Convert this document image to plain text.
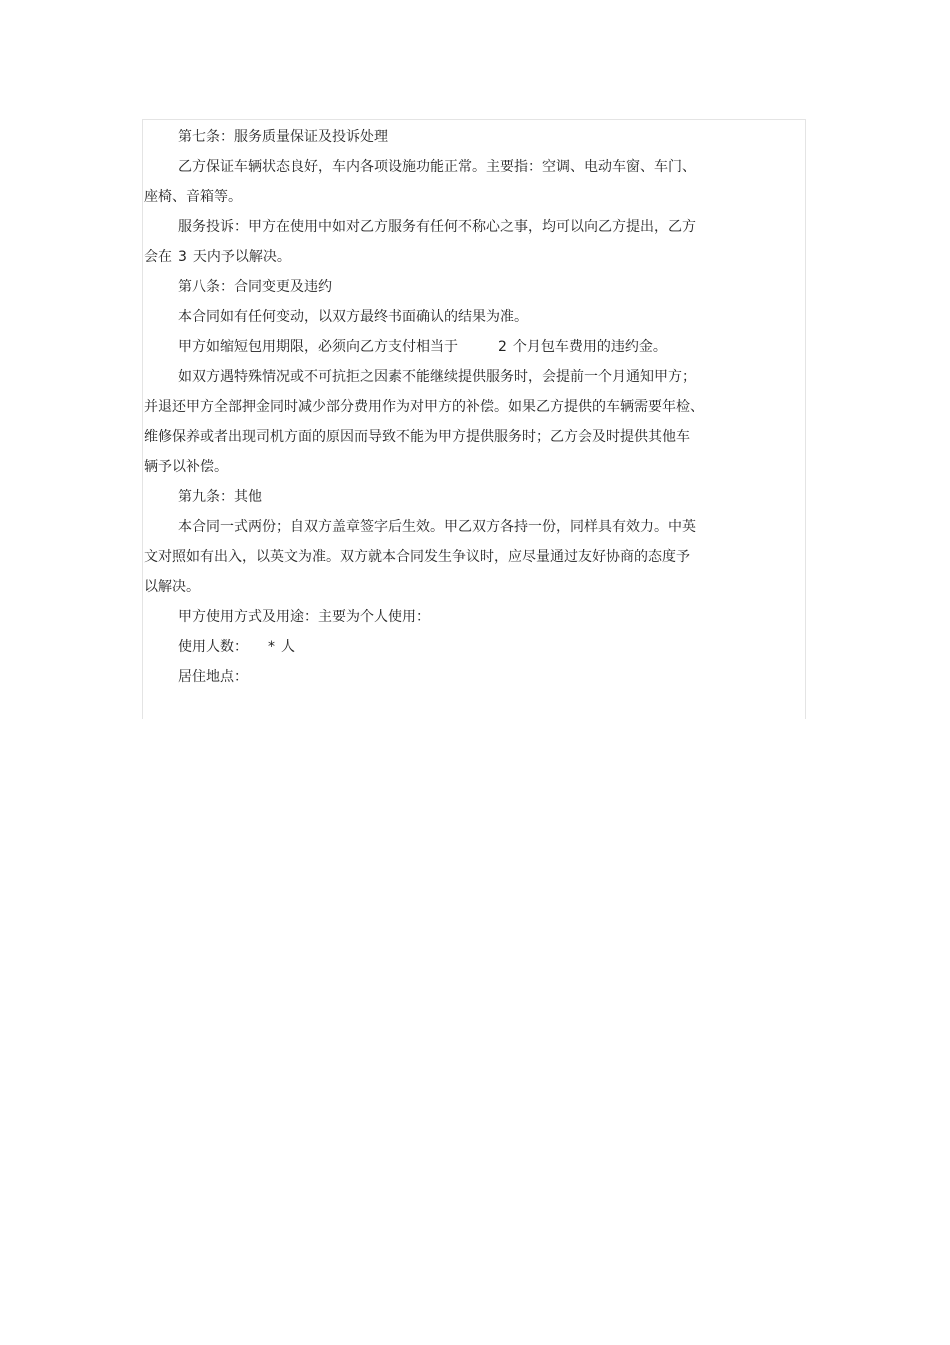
第七条：服务质量保证及投诉处理

乙方保证车辆状态良好，车内各项设施功能正常。主要指：空调、电动车窗、车门、

座椅、音箱等。

服务投诉：甲方在使用中如对乙方服务有任何不称心之事，均可以向乙方提出，乙方

会在 3 天内予以解决。

第八条：合同变更及违约

本合同如有任何变动，以双方最终书面确认的结果为准。

甲方如缩短包用期限，必须向乙方支付相当于	2 个月包车费用的违约金。

如双方遇特殊情况或不可抗拒之因素不能继续提供服务时，会提前一个月通知甲方；

并退还甲方全部押金同时减少部分费用作为对甲方的补偿。如果乙方提供的车辆需要年检、

维修保养或者出现司机方面的原因而导致不能为甲方提供服务时；乙方会及时提供其他车

辆予以补偿。

第九条：其他

本合同一式两份；自双方盖章签字后生效。甲乙双方各持一份，同样具有效力。中英

文对照如有出入，以英文为准。双方就本合同发生争议时，应尽量通过友好协商的态度予

以解决。

甲方使用方式及用途：主要为个人使用：

使用人数： * 人

居住地点：
